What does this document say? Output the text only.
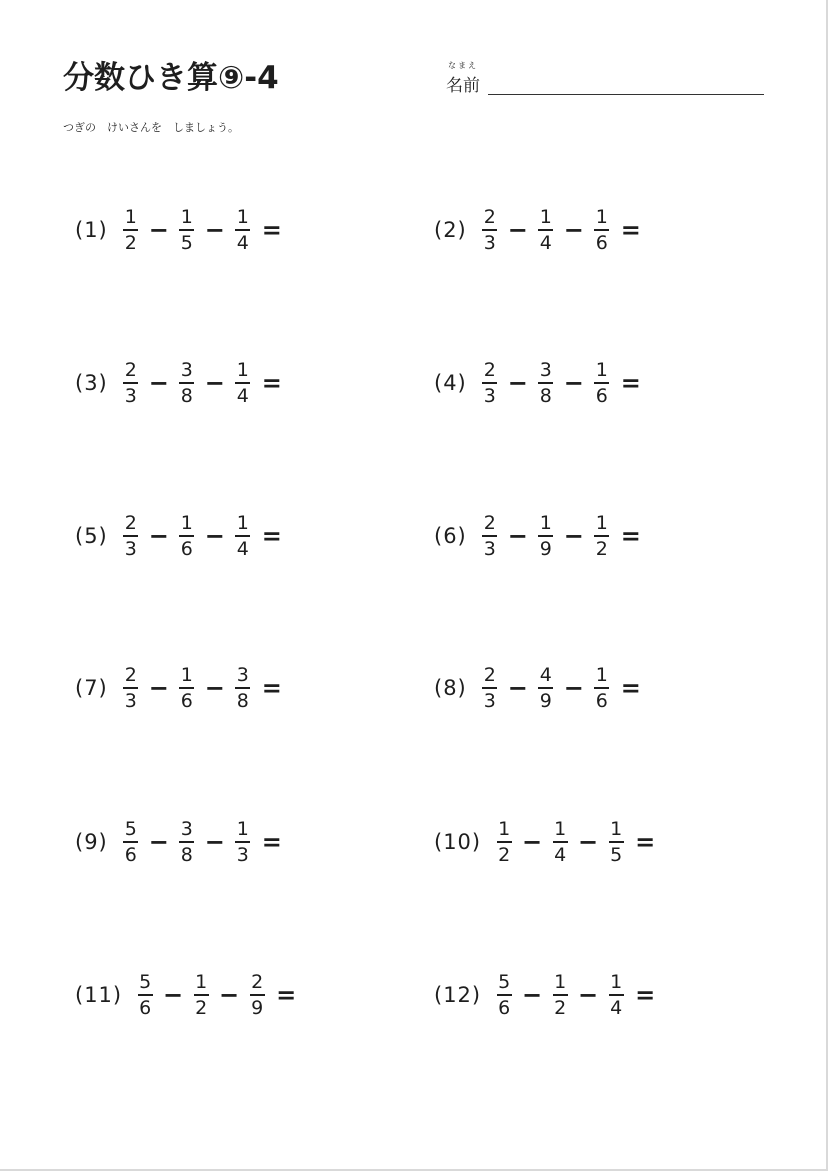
分数ひき算⑨-4	なまえ
名前
つぎの　けいさんを　しましょう。
$(1) \frac{1}{2} - \frac{1}{5} - \frac{1}{4}$ =	$(2) \frac{2}{3} - \frac{1}{4} - \frac{1}{6}$ =
$(3) \frac{2}{3} - \frac{3}{8} - \frac{1}{4}$ =	$(4) \frac{2}{3} - \frac{3}{8} - \frac{1}{6}$ =
$(5) \frac{2}{3} - \frac{1}{6} - \frac{1}{4}$ =	$(6) \frac{2}{3} - \frac{1}{9} - \frac{1}{2}$ =
$(7) \frac{2}{3} - \frac{1}{6} - \frac{3}{8}$ =	$(8) \frac{2}{3} - \frac{4}{9} - \frac{1}{6}$ =
$(9) \frac{5}{6} - \frac{3}{8} - \frac{1}{3}$ =	$(10) \frac{1}{2} - \frac{1}{4} - \frac{1}{5}$ =
$(11) \frac{5}{6} - \frac{1}{2} - \frac{2}{9}$ =	$(12) \frac{5}{6} - \frac{1}{2} - \frac{1}{4}$ =
